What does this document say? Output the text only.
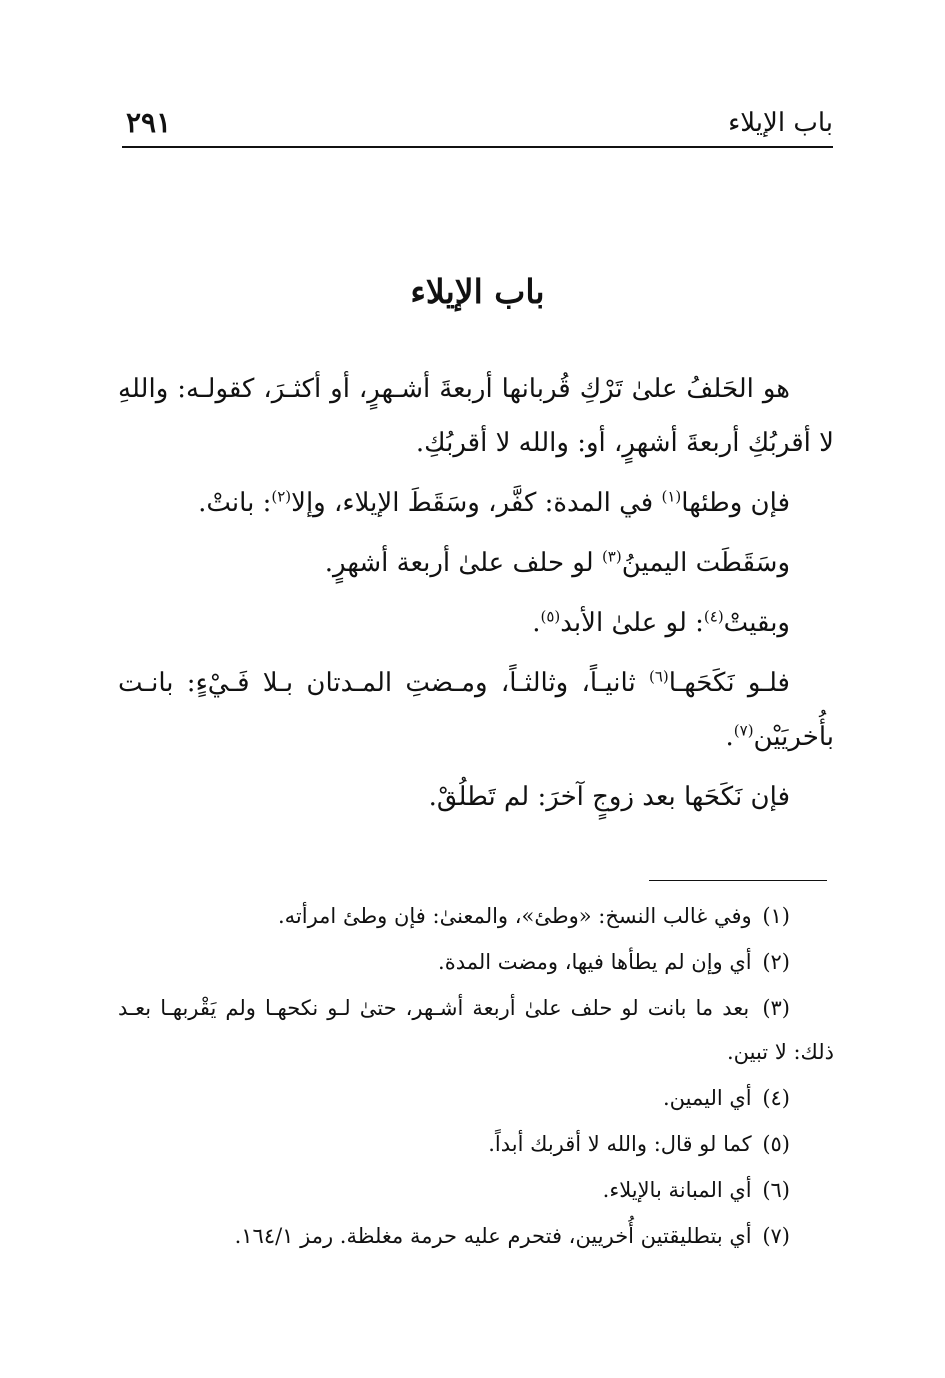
باب الإيلاء
٢٩١
باب الإيلاء

هو الحَلفُ علىٰ تَرْكِ قُربانها أربعةَ أشـهرٍ، أو أكثـرَ، كقولـه: واللهِ لا أقربُكِ أربعةَ أشهرٍ، أو: والله لا أقربُكِ.

فإن وطئها$^{(١)}$ في المدة: كفَّر، وسَقَطَ الإيلاء، وإلا$^{(٢)}$: بانتْ.

وسَقَطَت اليمينُ$^{(٣)}$ لو حلف علىٰ أربعة أشهرٍ.

وبقيتْ$^{(٤)}$: لو علىٰ الأبد$^{(٥)}$.

فلـو نَكَحَهـا$^{(٦)}$ ثانيـاً، وثالثـاً، ومـضتِ المـدتان بـلا فَـيْءٍ: بانـت بأُخريَيْن$^{(٧)}$.

فإن نَكَحَها بعد زوجٍ آخرَ: لم تَطلُقْ.

(١) وفي غالب النسخ: «وطئ»، والمعنىٰ: فإن وطئ امرأته.

(٢) أي وإن لم يطأها فيها، ومضت المدة.

(٣) بعد ما بانت لو حلف علىٰ أربعة أشـهر، حتىٰ لـو نكحهـا ولم يَقْربهـا بعـد ذلك: لا تبين.

(٤) أي اليمين.

(٥) كما لو قال: والله لا أقربك أبداً.

(٦) أي المبانة بالإيلاء.

(٧) أي بتطليقتين أُخريين، فتحرم عليه حرمة مغلظة. رمز ١٦٤/١.
